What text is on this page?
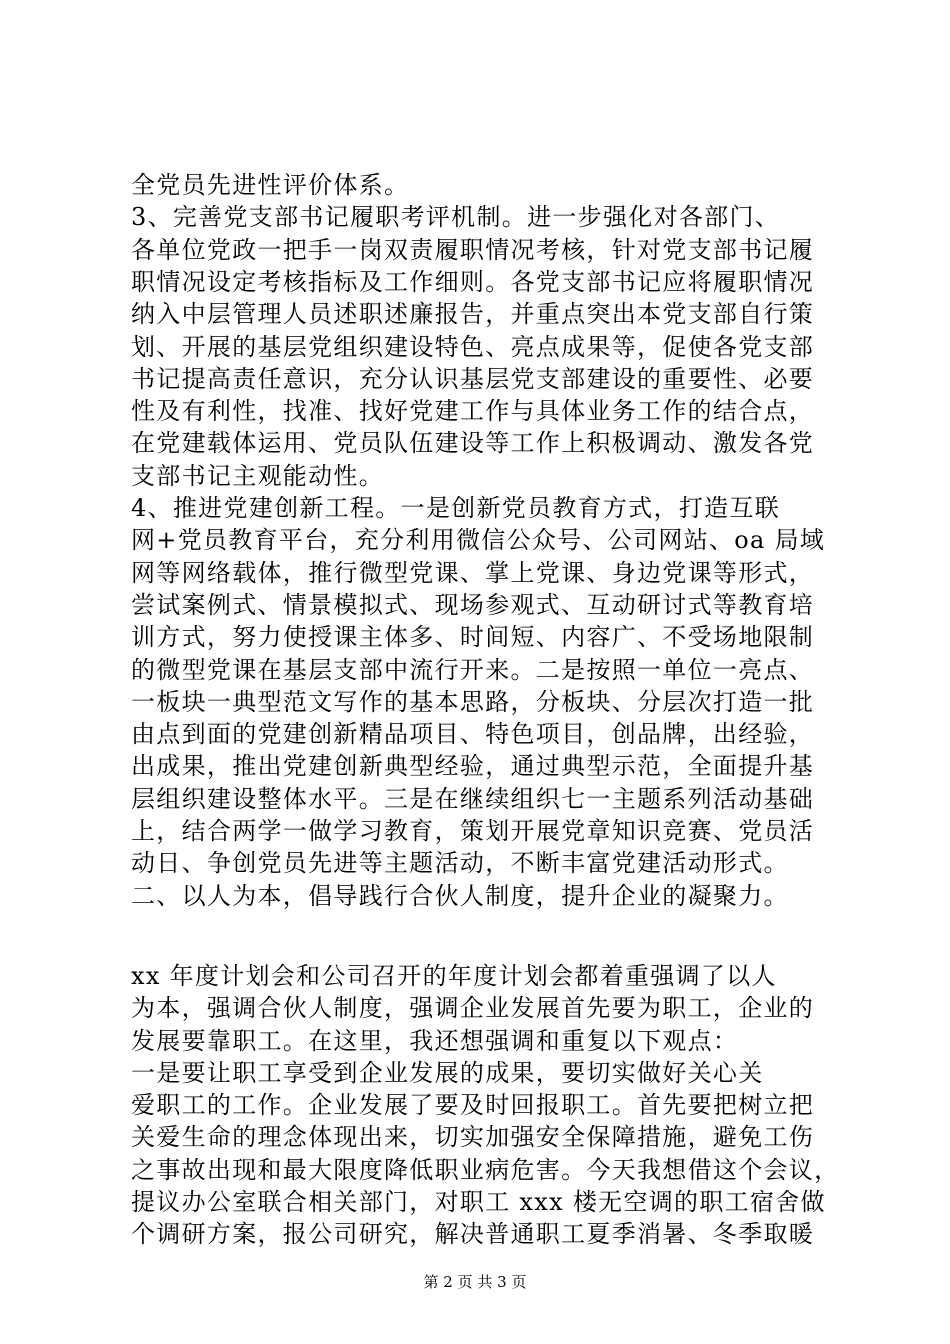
全党员先进性评价体系。
3、完善党支部书记履职考评机制。进一步强化对各部门、
各单位党政一把手一岗双责履职情况考核，针对党支部书记履
职情况设定考核指标及工作细则。各党支部书记应将履职情况
纳入中层管理人员述职述廉报告，并重点突出本党支部自行策
划、开展的基层党组织建设特色、亮点成果等，促使各党支部
书记提高责任意识，充分认识基层党支部建设的重要性、必要
性及有利性，找准、找好党建工作与具体业务工作的结合点，
在党建载体运用、党员队伍建设等工作上积极调动、激发各党
支部书记主观能动性。
4、推进党建创新工程。一是创新党员教育方式，打造互联
网+党员教育平台，充分利用微信公众号、公司网站、oa 局域
网等网络载体，推行微型党课、掌上党课、身边党课等形式，
尝试案例式、情景模拟式、现场参观式、互动研讨式等教育培
训方式，努力使授课主体多、时间短、内容广、不受场地限制
的微型党课在基层支部中流行开来。二是按照一单位一亮点、
一板块一典型范文写作的基本思路，分板块、分层次打造一批
由点到面的党建创新精品项目、特色项目，创品牌，出经验，
出成果，推出党建创新典型经验，通过典型示范，全面提升基
层组织建设整体水平。三是在继续组织七一主题系列活动基础
上，结合两学一做学习教育，策划开展党章知识竞赛、党员活
动日、争创党员先进等主题活动，不断丰富党建活动形式。
二、以人为本，倡导践行合伙人制度，提升企业的凝聚力。
xx 年度计划会和公司召开的年度计划会都着重强调了以人
为本，强调合伙人制度，强调企业发展首先要为职工，企业的
发展要靠职工。在这里，我还想强调和重复以下观点：
一是要让职工享受到企业发展的成果，要切实做好关心关
爱职工的工作。企业发展了要及时回报职工。首先要把树立把
关爱生命的理念体现出来，切实加强安全保障措施，避免工伤
之事故出现和最大限度降低职业病危害。今天我想借这个会议，
提议办公室联合相关部门，对职工 xxx 楼无空调的职工宿舍做
个调研方案，报公司研究，解决普通职工夏季消暑、冬季取暖
第 2 页 共 3 页
